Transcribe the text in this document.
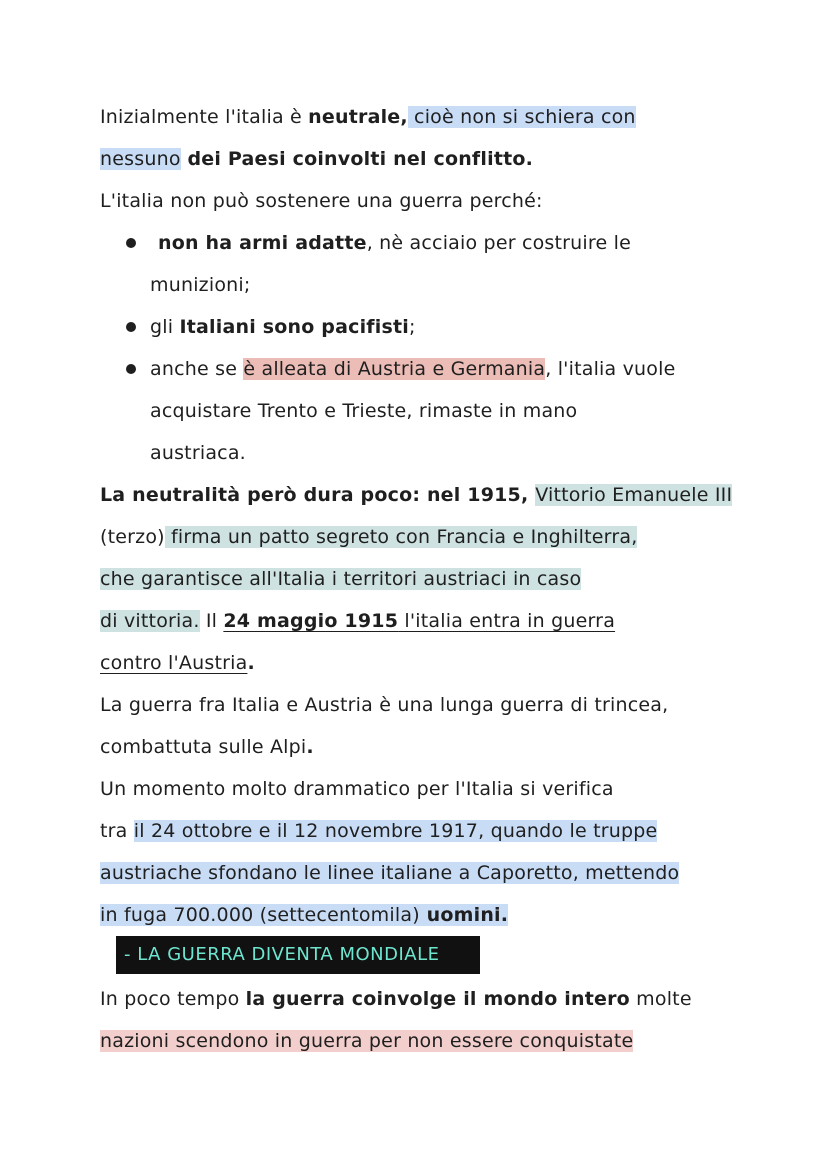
Inizialmente l'italia è neutrale, cioè non si schiera con
nessuno dei Paesi coinvolti nel conflitto.
L'italia non può sostenere una guerra perché:
non ha armi adatte, nè acciaio per costruire le
munizioni;
gli Italiani sono pacifisti;
anche se è alleata di Austria e Germania, l'italia vuole
acquistare Trento e Trieste, rimaste in mano
austriaca.
La neutralità però dura poco: nel 1915, Vittorio Emanuele III
(terzo) firma un patto segreto con Francia e Inghilterra,
che garantisce all'Italia i territori austriaci in caso
di vittoria. Il 24 maggio 1915 l'italia entra in guerra
contro l'Austria.
La guerra fra Italia e Austria è una lunga guerra di trincea,
combattuta sulle Alpi.
Un momento molto drammatico per l'Italia si verifica
tra il 24 ottobre e il 12 novembre 1917, quando le truppe
austriache sfondano le linee italiane a Caporetto, mettendo
in fuga 700.000 (settecentomila) uomini.
- LA GUERRA DIVENTA MONDIALE
In poco tempo la guerra coinvolge il mondo intero molte
nazioni scendono in guerra per non essere conquistate
